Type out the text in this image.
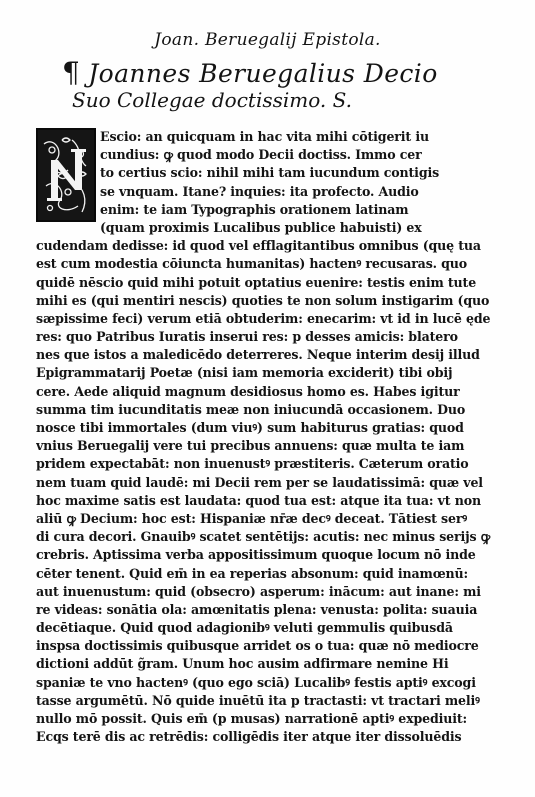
Joan. Beruegalij Epistola.
¶ Joannes Beruegalius Decio
Suo Collegae doctissimo. S.
Escio: an quicquam in hac vita mihi cōtigerit iu
cundius: ꝙ quod modo Decii doctiss. Immo cer
to certius scio: nihil mihi tam iucundum contigis
se vnquam. Itane? inquies: ita profecto. Audio
enim: te iam Typographis orationem latinam
(quam proximis Lucalibus publice habuisti) ex
cudendam dedisse: id quod vel efflagitantibus omnibus (quę tua
est cum modestia cōiuncta humanitas) hactenꝰ recusaras. quo
quidē nēscio quid mihi potuit optatius euenire: testis enim tute
mihi es (qui mentiri nescis) quoties te non solum instigarim (quo
sæpissime feci) verum etiā obtuderim: enecarim: vt id in lucē ęde
res: quo Patribus Iuratis inserui res: p desses amicis: blatero
nes que istos a maledicēdo deterreres. Neque interim desij illud
Epigrammatarij Poetæ (nisi iam memoria exciderit) tibi obij
cere. Aede aliquid magnum desidiosus homo es. Habes igitur
summa tim iucunditatis meæ non iniucundā occasionem. Duo
nosce tibi immortales (dum viuꝰ) sum habiturus gratias: quod
vnius Beruegalij vere tui precibus annuens: quæ multa te iam
pridem expectabāt: non inuenustꝰ præstiteris. Cæterum oratio
nem tuam quid laudē: mi Decii rem per se laudatissimā: quæ vel
hoc maxime satis est laudata: quod tua est: atque ita tua: vt non
aliū ꝙ Decium: hoc est: Hispaniæ nr̄æ decꝰ deceat. Tātiest serꝰ
di cura decori. Gnauibꝰ scatet sentētijs: acutis: nec minus serijs ꝙ
crebris. Aptissima verba appositissimum quoque locum nō inde
cēter tenent. Quid em̄ in ea reperias absonum: quid inamœnū:
aut inuenustum: quid (obsecro) asperum: inācum: aut inane: mi
re videas: sonātia ola: amœnitatis plena: venusta: polita: suauia
decētiaque. Quid quod adagionibꝰ veluti gemmulis quibusdā
inspsa doctissimis quibusque arridet os o tua: quæ nō mediocre
dictioni addūt g̃ram. Unum hoc ausim adfirmare nemine Hi
spaniæ te vno hactenꝰ (quo ego sciā) Lucalibꝰ festis aptiꝰ excogi
tasse argumētū. Nō quide inuētū ita p tractasti: vt tractari meliꝰ
nullo mō possit. Quis em̄ (p musas) narrationē aptiꝰ expediuit:
Ecqs terē dis ac retrēdis: colligēdis iter atque iter dissoluēdis
